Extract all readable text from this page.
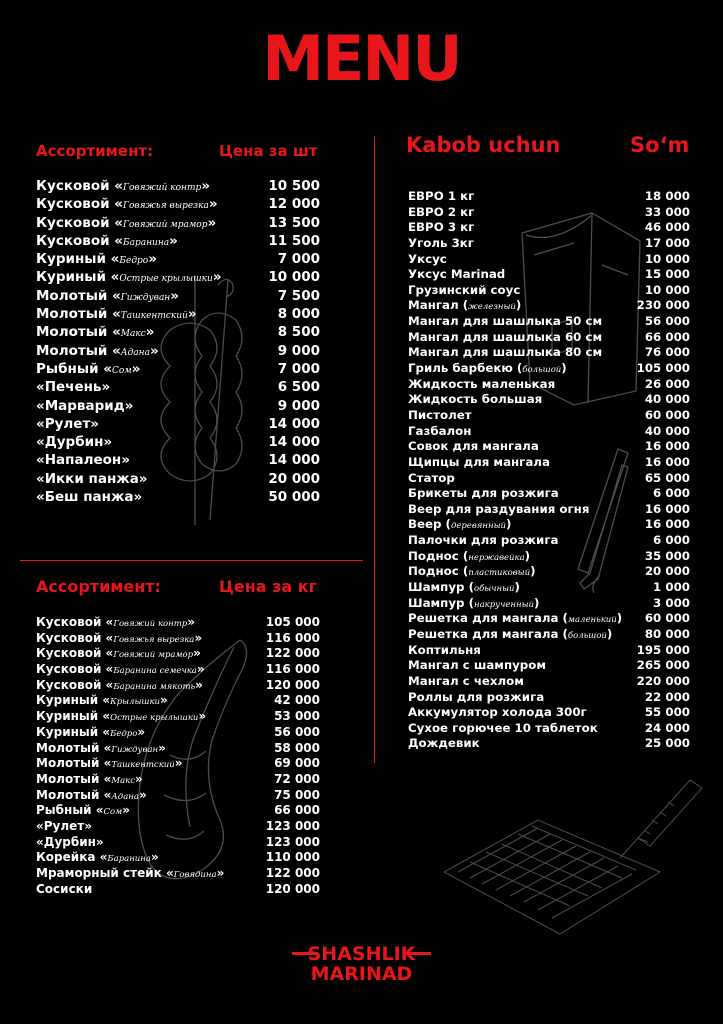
MENU
Ассортимент:	Цена за шт
Кусковой «Говяжий контр»	10 500
Кусковой «Говяжья вырезка»	12 000
Кусковой «Говяжий мрамор»	13 500
Кусковой «Баранина»	11 500
Куриный «Бедро»	7 000
Куриный «Острые крылышки»	10 000
Молотый «Гиждуван»	7 500
Молотый «Ташкентский»	8 000
Молотый «Макс»	8 500
Молотый «Адана»	9 000
Рыбный «Сом»	7 000
«Печень»	6 500
«Марварид»	9 000
«Рулет»	14 000
«Дурбин»	14 000
«Напалеон»	14 000
«Икки панжа»	20 000
«Беш панжа»	50 000
Ассортимент:	Цена за кг
Кусковой «Говяжий контр»	105 000
Кусковой «Говяжья вырезка»	116 000
Кусковой «Говяжий мрамор»	122 000
Кусковой «Баранина семечка»	116 000
Кусковой «Баранина мякоть»	120 000
Куриный «Крылышки»	42 000
Куриный «Острые крылышки»	53 000
Куриный «Бедро»	56 000
Молотый «Гиждуван»	58 000
Молотый «Ташкентский»	69 000
Молотый «Макс»	72 000
Молотый «Адана»	75 000
Рыбный «Сом»	66 000
«Рулет»	123 000
«Дурбин»	123 000
Корейка «Баранина»	110 000
Мраморный стейк «Говядина»	122 000
Сосиски	120 000
Kabob uchun	So‘m
ЕВРО 1 кг	18 000
ЕВРО 2 кг	33 000
ЕВРО 3 кг	46 000
Уголь 3кг	17 000
Уксус	10 000
Уксус Marinad	15 000
Грузинский соус	10 000
Мангал (железный)	230 000
Мангал для шашлыка 50 см	56 000
Мангал для шашлыка 60 см	66 000
Мангал для шашлыка 80 см	76 000
Гриль барбекю (большой)	105 000
Жидкость маленькая	26 000
Жидкость большая	40 000
Пистолет	60 000
Газбалон	40 000
Совок для мангала	16 000
Щипцы для мангала	16 000
Статор	65 000
Брикеты для розжига	6 000
Веер для раздувания огня	16 000
Веер (деревянный)	16 000
Палочки для розжига	6 000
Поднос (нержавейка)	35 000
Поднос (пластиковый)	20 000
Шампур (обычный)	1 000
Шампур (накрученный)	3 000
Решетка для мангала (маленький) 60 000
Решетка для мангала (большой)	80 000
Коптильня	195 000
Мангал с шампуром	265 000
Мангал с чехлом	220 000
Роллы для розжига	22 000
Аккумулятор холода 300г	55 000
Сухое горючее 10 таблеток	24 000
Дождевик	25 000
SHASHLIK
MARINAD
